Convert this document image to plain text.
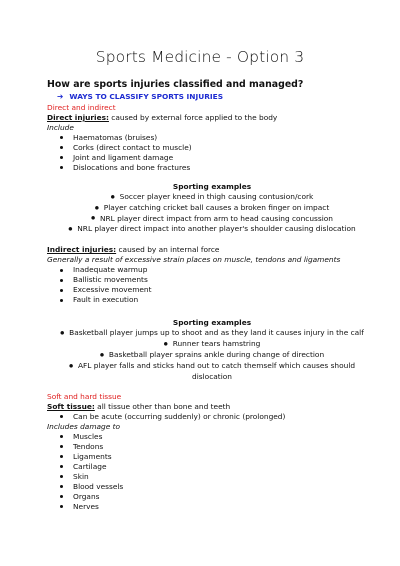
Sports Medicine - Option 3
How are sports injuries classified and managed?
➔ WAYS TO CLASSIFY SPORTS INJURIES
Direct and indirect
Direct injuries: caused by external force applied to the body
Include
Haematomas (bruises)
Corks (direct contact to muscle)
Joint and ligament damage
Dislocations and bone fractures
Sporting examples
● Soccer player kneed in thigh causing contusion/cork
● Player catching cricket ball causes a broken finger on impact
● NRL player direct impact from arm to head causing concussion
● NRL player direct impact into another player's shoulder causing dislocation
Indirect injuries: caused by an internal force
Generally a result of excessive strain places on muscle, tendons and ligaments
Inadequate warmup
Ballistic movements
Excessive movement
Fault in execution
Sporting examples
● Basketball player jumps up to shoot and as they land it causes injury in the calf
● Runner tears hamstring
● Basketball player sprains ankle during change of direction
● AFL player falls and sticks hand out to catch themself which causes should
dislocation
Soft and hard tissue
Soft tissue: all tissue other than bone and teeth
Can be acute (occurring suddenly) or chronic (prolonged)
Includes damage to
Muscles
Tendons
Ligaments
Cartilage
Skin
Blood vessels
Organs
Nerves
